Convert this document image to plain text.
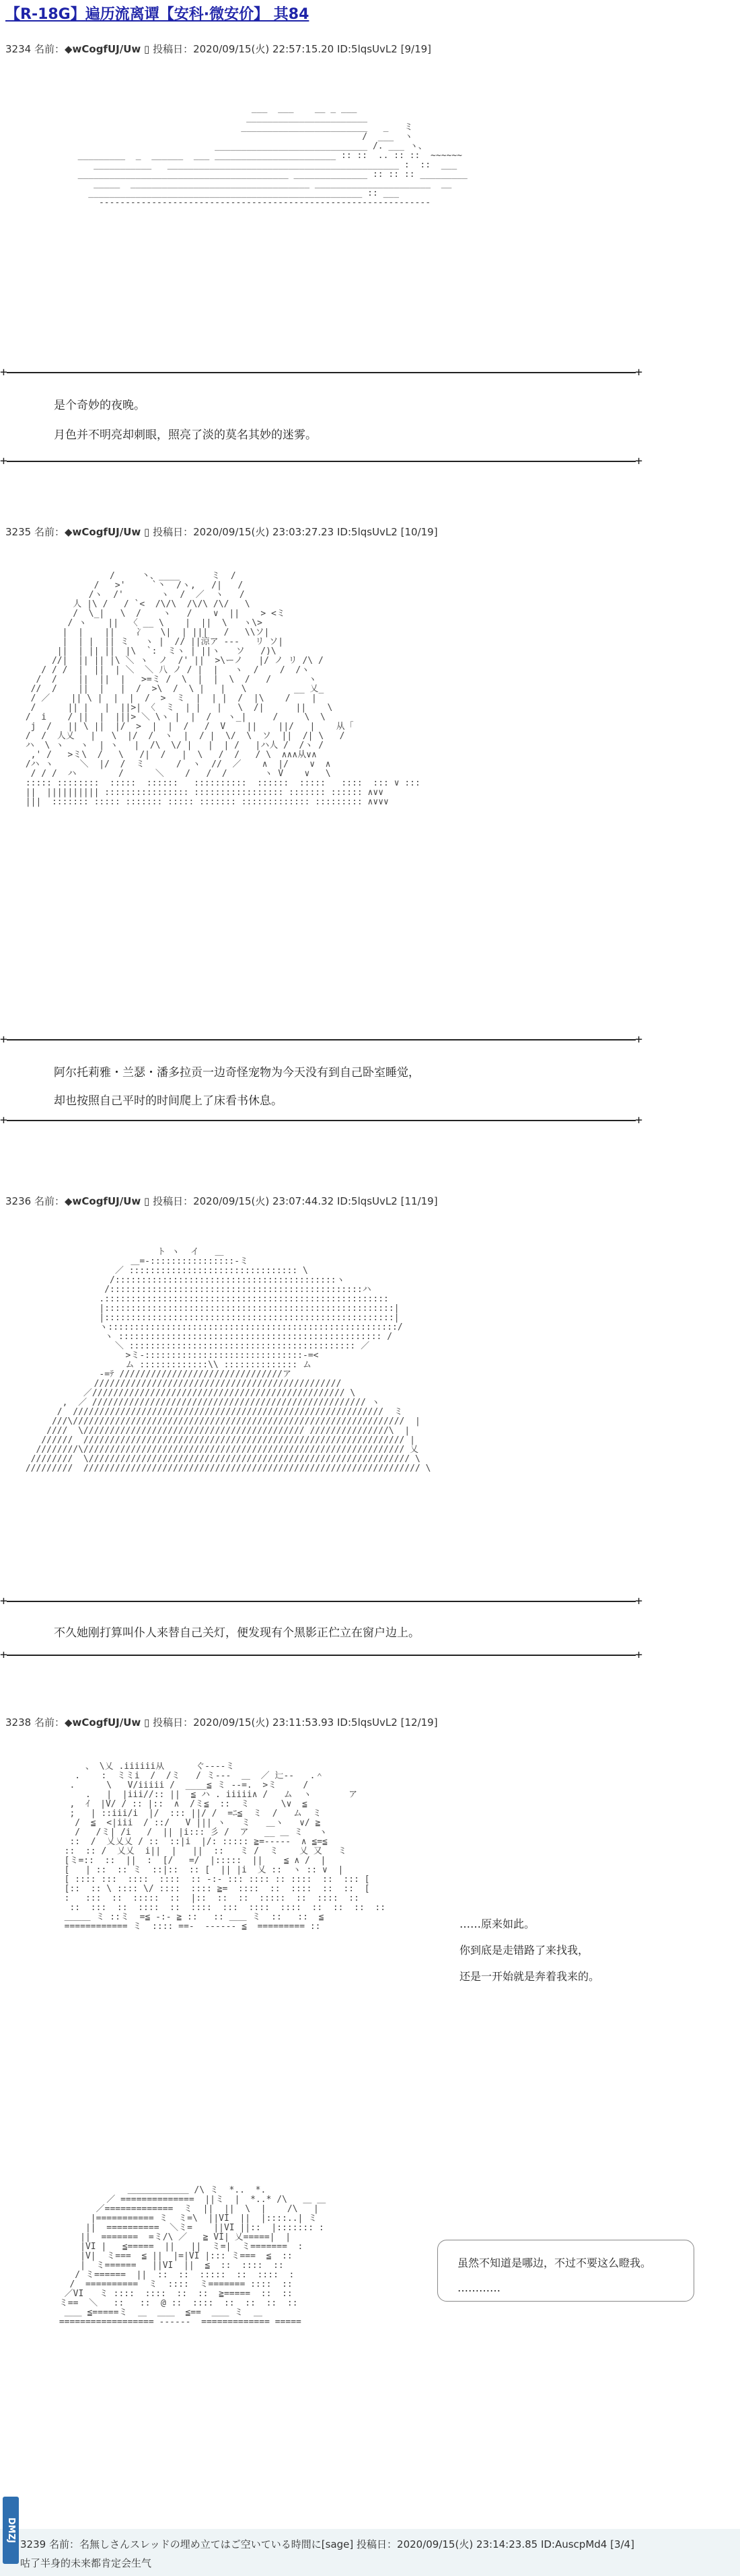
【R-18G】遍历流离谭【安科·微安价】 其84
3234 名前：◆wCogfUJ/Uw ▯ 投稿日：2020/09/15(火) 22:57:15.20 ID:5lqsUvL2 [9/19]
___  ___    __ _ ___
_______________________
________________________   _   ミ
/  ___  ヽ
_____________________________ /. ___ ヽ、
_________  _  ______  ___ _______________________ :: ::  .. :: ::  ~~~~~~
___________   ____________________________________________ :  ::  ___
________________________________________ ______________ :: :: :: _________
_____  __________________________________ ______________________  __
____________________________________________________ :: ___
---------------------------------------------------------------

+ +
是个奇妙的夜晚。
月色并不明亮却刺眼，照亮了淡的莫名其妙的迷雾。
+ +
3235 名前：◆wCogfUJ/Uw ▯ 投稿日：2020/09/15(火) 23:03:27.23 ID:5lqsUvL2 [10/19]
/     丶、____      ミ  /
/   >'     `丶  /ヽ,   /|   /
/ヽ  /'       ヽ  /  ／  ヽ   /
人 |\ /   / `<  /\/\  /\/\ /\/   \
/  \_|   \  /    ヽ   /    ∨  ||    > <ミ
/ ヽ    ||  〈 __ \    |  ||  \   ヽ\>
|  |    ||    冫   \|  | |||   /   \\ソ|
|  | |  || ミ   ヽ |  // ||涼ア ---   リ ソ|
||  | || ||  |\  `:  ミヽ | ||ヽ   ソ   /)\
//|  || || |\ ＼ ヽ  ノ  /' ||  >\ーノ   |/ ノ リ /\ /
/ / /  |  ||  | ＼  ＼ 八 ノ / |  |   ヽ  /    /  /ヽ
/  /    ||  ||  |   >=ミ /  \  |  |  \  /   /       ヽ
//  /    ||  |   |  /  >\  /  \ |   |   \         __ 乂_
/ ／    || \ |  |  |  /  >  ミ  |  | |  /  |\    /    |
/      || |   |  ||>| 〈  ミ  | |   |   \  /|      ||    \
/  i    / ||  |  |||> ＼ \ヽ |  |  /   ヽ_|     /     \  \
j  /   || \ ||  |/  >  |  |  /   /  V    ||    ||/   |    从「
/  /  人乂   |   \  |/  /  ヽ  |  / |  \/  \  ソ  ||  /| \   /
ハ  \ ヽ   ヽ  | ヽ   |  /\  \/ |   |  | /   |ハ人 /  /ヽ /
,' /   >ミ\  /   \   /|  /   |  \   /  /   / \  ∧∧∧从∨∧
/ハ ヽ     ＼  |/  /  ミ      /  ヽ  //  ／    ∧  |/    ∨  ∧
/ / /  ハ        /      ＼    /   /  /       ヽ V    ∨   \
::::: ::::::::  :::::  ::::::   ::::::::::  ::::::  :::::   ::::  ::: ∨ :::
||  |||||||||| :::::::::::::::: ::::::::::::::::: ::::::: :::::: ∧∨∨
|||  ::::::: ::::: ::::::: ::::: ::::::: ::::::::::::: ::::::::: ∧∨∨∨

+ +
阿尔托莉雅・兰瑟・潘多拉贡一边奇怪宠物为今天没有到自己卧室睡觉，
却也按照自己平时的时间爬上了床看书休息。
+ +
3236 名前：◆wCogfUJ/Uw ▯ 投稿日：2020/09/15(火) 23:07:44.32 ID:5lqsUvL2 [11/19]
ト ヽ  イ   ＿
＿=-::::::::::::::::-ミ
／ :::::::::::::::::::::::::::::::: \
/::::::::::::::::::::::::::::::::::::::::::ヽ
/::::::::::::::::::::::::::::::::::::::::::::::::ハ
.::::::::::::::::::::::::::::::::::::::::::::::::::::::
|:::::::::::::::::::::::::::::::::::::::::::::::::::::::|
|:::::::::::::::::::::::::::::::::::::::::::::::::::::::|
ヽ:::::::::::::::::::::::::::::::::::::::::::::::::::::::/
ヽ :::::::::::::::::::::::::::::::::::::::::::::::::: /
＼ ::::::::::::::::::::::::::::::::::::::::::: ／
>ミ-::::::::::::::::::::::::::::::-=<
ム :::::::::::::\\ :::::::::::::: ム
-=ﾃ ///////////////////////////////ア
///////////////////////////////////////////////
／//////////////////////////////////////////////// \
,  ／ //////////////////////////////////////////////////// ヽ
/  ///////////////////////////////////////////////////////////  ミ
///\///////////////////////////////////////////////////////////////  |
////  \////////////////////////////////////////// ///////////////\  |
//////  ///////////////////////////////////////////////////////////// |
////////\///////////////////////////////////////////////////////////// 乂
////////  \///////////////////////////////////////////////////////////// \
/////////  //////////////////////////////////////////////////////////////// \

+ +
不久她刚打算叫仆人来替自己关灯，便发现有个黑影正伫立在窗户边上。
+ +
3238 名前：◆wCogfUJ/Uw ▯ 投稿日：2020/09/15(火) 23:11:53.93 ID:5lqsUvL2 [12/19]
、 \乂 .iiiiii从      ぐ----ミ
.    :  ミミi  /  /ミ   / ミ---  ＿  ／ 辷--   .＾
.      \   V/iiiii /  ____≦ ミ --=.  >ミ     /
.   |  |iii//:: ||  ≦ ハ . iiiii∧ /   ム  ヽ       ア
,  ｲ  |V/ / :: |::  ∧  /ミ≦  ::  ミ      \∨  ≦
;   | ::iii/i  |/  ::: ||/ /  =ﾆ≦  ミ  /   ム  ミ
/  ≦  <|iii  / ::/   V ||| ヽ   ミ   ＿ヽ   ∨/ ≧
/   /ミ| /i   /  || |i::: 彡 /  ア   __ ＿ ミ   ヽ
::  /  乂乂乂 / ::  ::|i  |/: ::::: ≧=-----  ∧ ≦=≦
::  :: /  乂乂  i||  |   ||  ::   ミ /  ミ    乂 又   ミ
[ミ=::  ::  ||  :  [/   =/  |:::::  ||    ≦ ∧ /  |
[   | ::  :: ミ  ::|::  :: [  || |i  乂 ::  ヽ :: ∨  |
[ :::: :::  ::::  ::::  :: -:- ::: :::: :: ::::  ::  ::: [
[::  :: \ :::: \/ ::::  :::: ≧=  ::::  ::  ::::  ::  ::  [
:   :::  ::  :::::  ::  |::  ::  ::  :::::  ::  ::::  ::
::  :::  ::  ::::  ::  ::::  :::  ::::  ::::  ::  ::  ::  ::
＿＿＿ ミ ::ミ  =≦ -:- ≧ ::   :: ＿＿ ミ  ::   ::  ≦
============ ミ  :::: ==-  ------ ≦  ========= ::	……原来如此。
你到底是走错路了来找我，
还是一开始就是奔着我来的。
＿＿＿＿＿＿＿ /\ ミ  *..  *.
／ ==============  ||ミ  |  *..* /\   ＿ ＿
／=============  ミ  ||  ||  \  |    /\   |
|=========== ミ  ミ=\  ||VI  ||  |::::..| ミ
||  ==========  ＼ミ=    ||VI ||::  |::::::: :
||  =======  =ミ/\ ／   ≧ VI| 乂=====|  |
|VI |   ≦=====  ||   ||  ミ=|  ミ=======  :
|V|  ミ===  ≦ ||  |=|VI |::: ミ===  ≦  ::
|  ミ======   ||VI  ||  ≦  ::  ::::  ::
/ ミ======  ||  ::  ::  :::::  ::  ::::  :
/  ==========  ミ  ::::  ミ======= ::::  ::
／VI   ミ ::::  ::::  ::  ::  ≧=====  ::  ::
ミ==  ＼   ::   ::  @ ::  ::::  ::  ::  ::  ::
＿＿ ≦=====ミ  ＿  ＿＿  ≦==  ＿＿ ミ  ＿
================== ------  ============= =====

虽然不知道是哪边，不过不要这么瞪我。
…………
3239 名前：名無しさんスレッドの埋め立てはご空いている時間に[sage] 投稿日：2020/09/15(火) 23:14:23.85 ID:AuscpMd4 [3/4]
咕了半身的未来都肯定会生气
DMZJ
